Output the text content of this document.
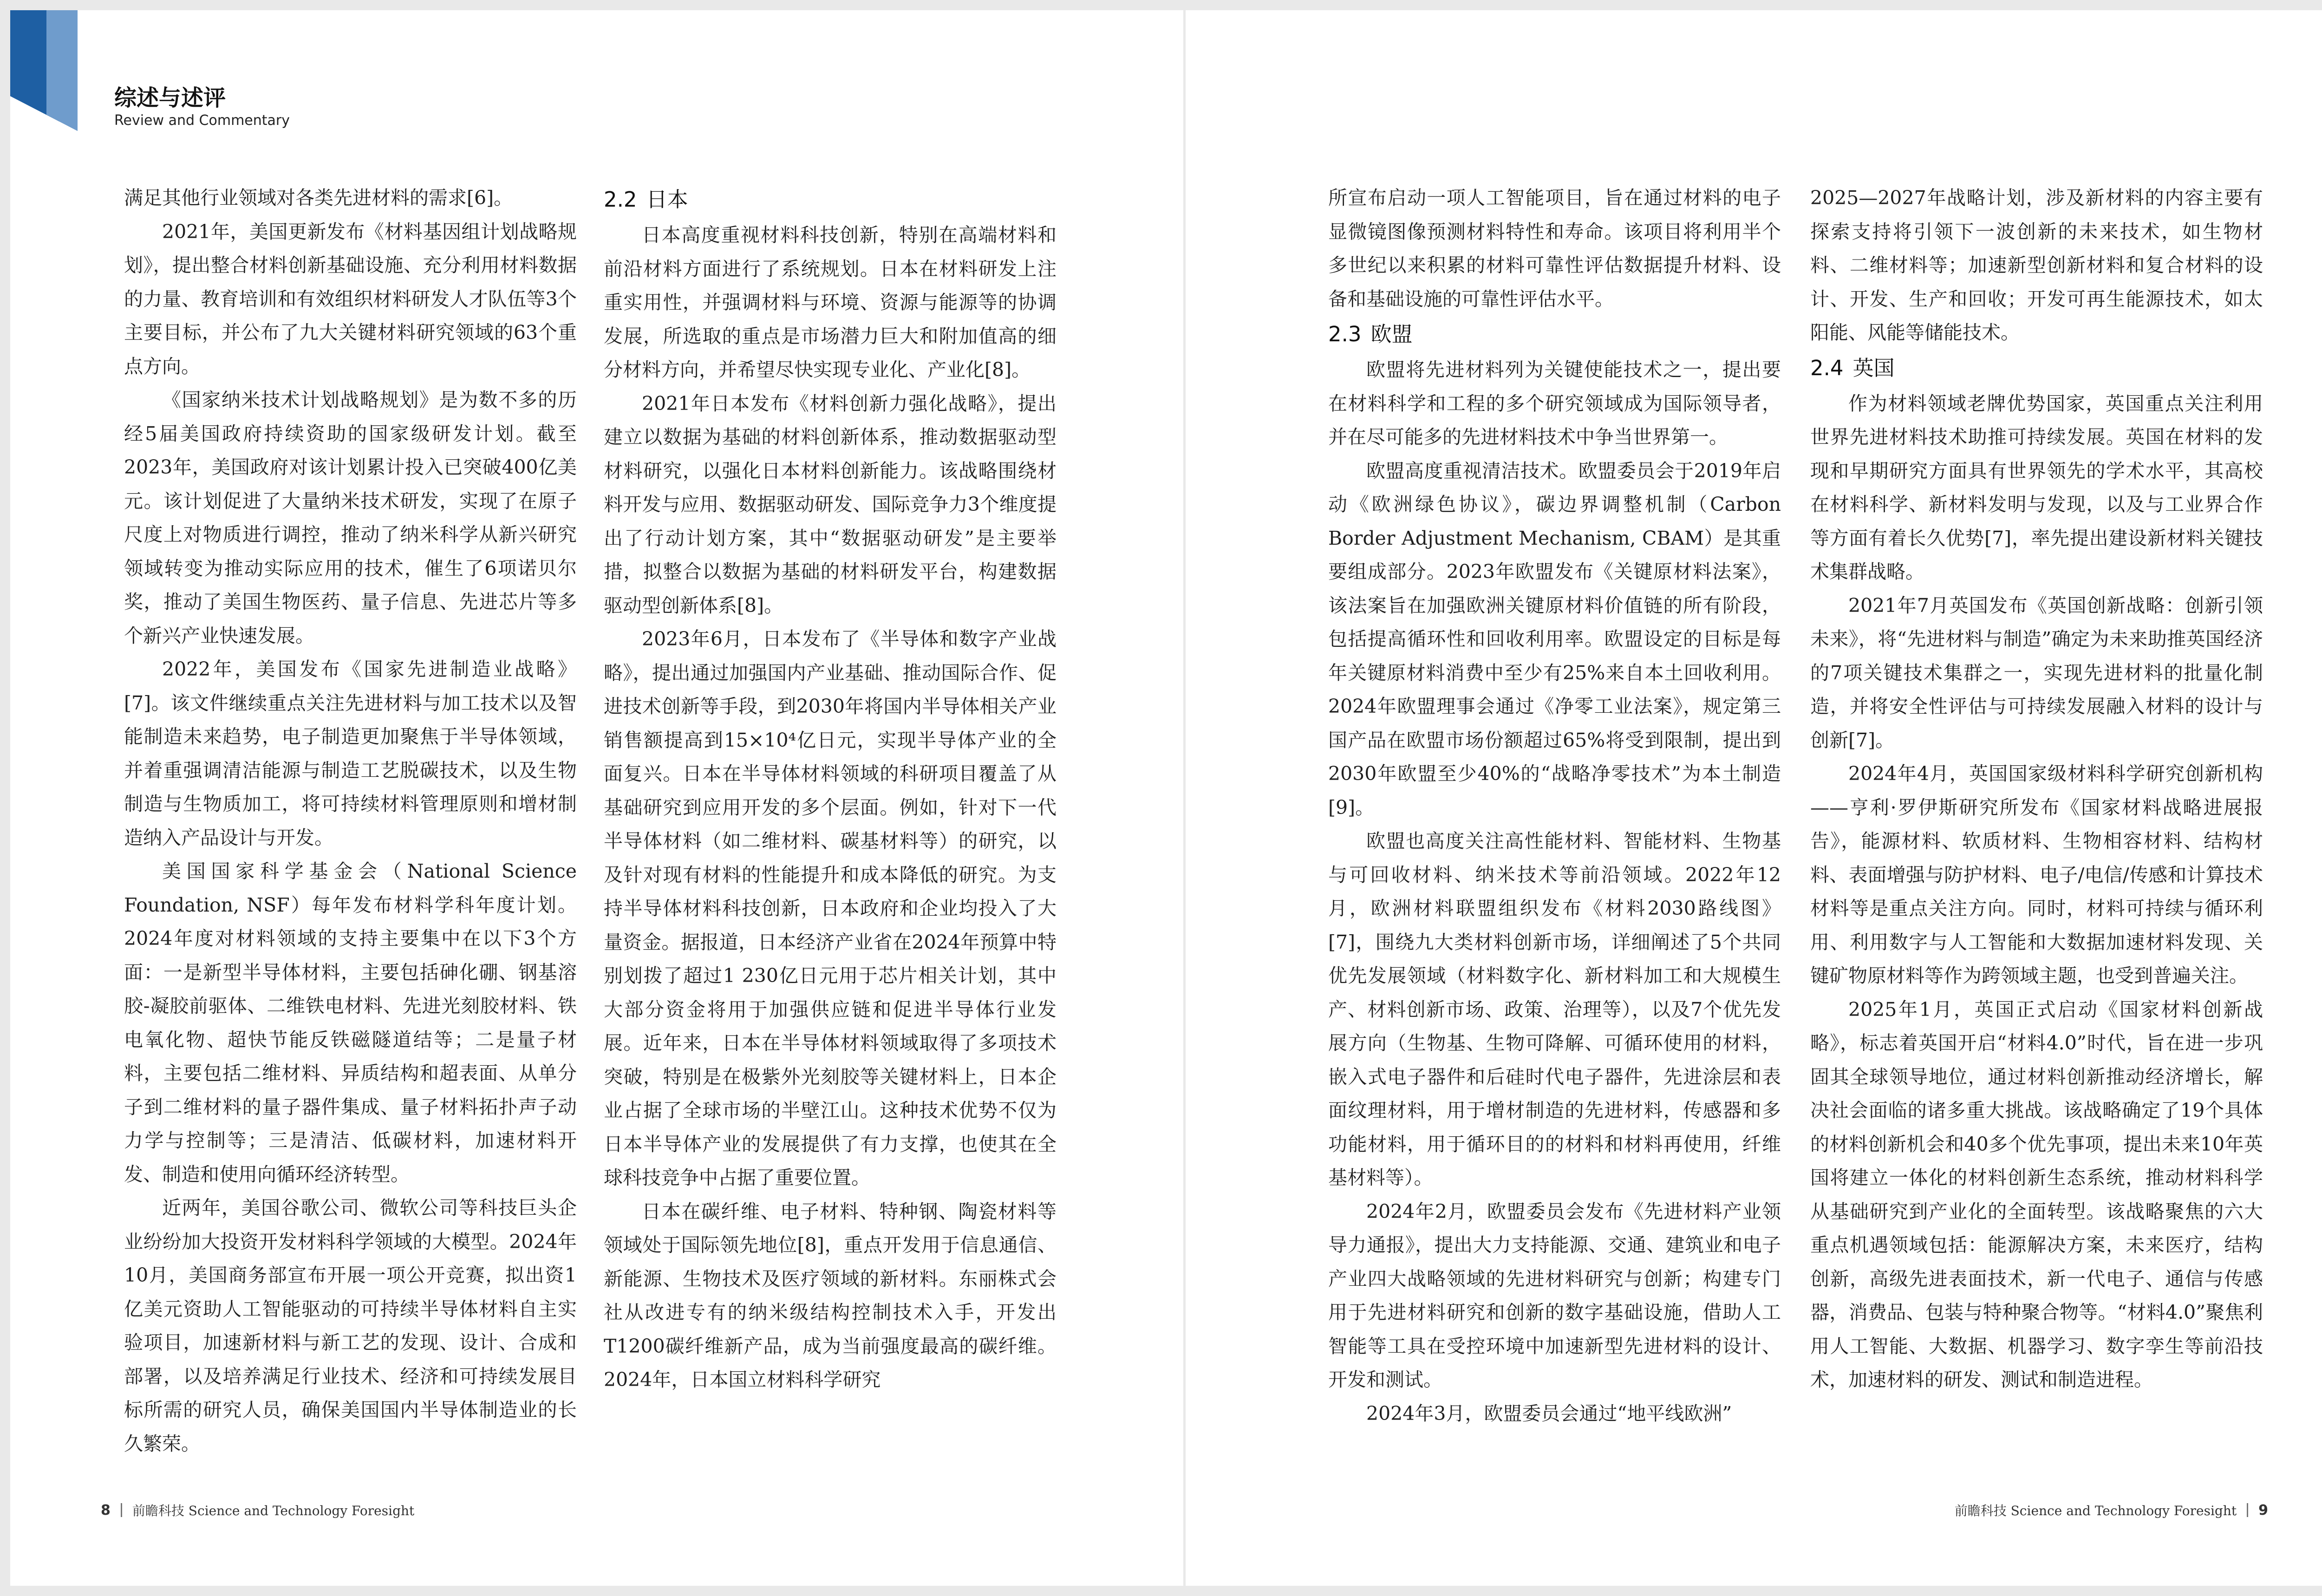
综述与述评
Review and Commentary

满足其他行业领域对各类先进材料的需求[6]。

2021年，美国更新发布《材料基因组计划战略规划》，提出整合材料创新基础设施、充分利用材料数据的力量、教育培训和有效组织材料研发人才队伍等3个主要目标，并公布了九大关键材料研究领域的63个重点方向。

《国家纳米技术计划战略规划》是为数不多的历经5届美国政府持续资助的国家级研发计划。截至2023年，美国政府对该计划累计投入已突破400亿美元。该计划促进了大量纳米技术研发，实现了在原子尺度上对物质进行调控，推动了纳米科学从新兴研究领域转变为推动实际应用的技术，催生了6项诺贝尔奖，推动了美国生物医药、量子信息、先进芯片等多个新兴产业快速发展。

2022年，美国发布《国家先进制造业战略》[7]。该文件继续重点关注先进材料与加工技术以及智能制造未来趋势，电子制造更加聚焦于半导体领域，并着重强调清洁能源与制造工艺脱碳技术，以及生物制造与生物质加工，将可持续材料管理原则和增材制造纳入产品设计与开发。

美国国家科学基金会（National Science Foundation, NSF）每年发布材料学科年度计划。2024年度对材料领域的支持主要集中在以下3个方面：一是新型半导体材料，主要包括砷化硼、钢基溶胶-凝胶前驱体、二维铁电材料、先进光刻胶材料、铁电氧化物、超快节能反铁磁隧道结等；二是量子材料，主要包括二维材料、异质结构和超表面、从单分子到二维材料的量子器件集成、量子材料拓扑声子动力学与控制等；三是清洁、低碳材料，加速材料开发、制造和使用向循环经济转型。

近两年，美国谷歌公司、微软公司等科技巨头企业纷纷加大投资开发材料科学领域的大模型。2024年10月，美国商务部宣布开展一项公开竞赛，拟出资1亿美元资助人工智能驱动的可持续半导体材料自主实验项目，加速新材料与新工艺的发现、设计、合成和部署，以及培养满足行业技术、经济和可持续发展目标所需的研究人员，确保美国国内半导体制造业的长久繁荣。

2.2 日本

日本高度重视材料科技创新，特别在高端材料和前沿材料方面进行了系统规划。日本在材料研发上注重实用性，并强调材料与环境、资源与能源等的协调发展，所选取的重点是市场潜力巨大和附加值高的细分材料方向，并希望尽快实现专业化、产业化[8]。

2021年日本发布《材料创新力强化战略》，提出建立以数据为基础的材料创新体系，推动数据驱动型材料研究，以强化日本材料创新能力。该战略围绕材料开发与应用、数据驱动研发、国际竞争力3个维度提出了行动计划方案，其中“数据驱动研发”是主要举措，拟整合以数据为基础的材料研发平台，构建数据驱动型创新体系[8]。

2023年6月，日本发布了《半导体和数字产业战略》，提出通过加强国内产业基础、推动国际合作、促进技术创新等手段，到2030年将国内半导体相关产业销售额提高到15×10⁴亿日元，实现半导体产业的全面复兴。日本在半导体材料领域的科研项目覆盖了从基础研究到应用开发的多个层面。例如，针对下一代半导体材料（如二维材料、碳基材料等）的研究，以及针对现有材料的性能提升和成本降低的研究。为支持半导体材料科技创新，日本政府和企业均投入了大量资金。据报道，日本经济产业省在2024年预算中特别划拨了超过1 230亿日元用于芯片相关计划，其中大部分资金将用于加强供应链和促进半导体行业发展。近年来，日本在半导体材料领域取得了多项技术突破，特别是在极紫外光刻胶等关键材料上，日本企业占据了全球市场的半壁江山。这种技术优势不仅为日本半导体产业的发展提供了有力支撑，也使其在全球科技竞争中占据了重要位置。

日本在碳纤维、电子材料、特种钢、陶瓷材料等领域处于国际领先地位[8]，重点开发用于信息通信、新能源、生物技术及医疗领域的新材料。东丽株式会社从改进专有的纳米级结构控制技术入手，开发出T1200碳纤维新产品，成为当前强度最高的碳纤维。2024年，日本国立材料科学研究

8 前瞻科技 Science and Technology Foresight

所宣布启动一项人工智能项目，旨在通过材料的电子显微镜图像预测材料特性和寿命。该项目将利用半个多世纪以来积累的材料可靠性评估数据提升材料、设备和基础设施的可靠性评估水平。

2.3 欧盟

欧盟将先进材料列为关键使能技术之一，提出要在材料科学和工程的多个研究领域成为国际领导者，并在尽可能多的先进材料技术中争当世界第一。

欧盟高度重视清洁技术。欧盟委员会于2019年启动《欧洲绿色协议》，碳边界调整机制（Carbon Border Adjustment Mechanism, CBAM）是其重要组成部分。2023年欧盟发布《关键原材料法案》，该法案旨在加强欧洲关键原材料价值链的所有阶段，包括提高循环性和回收利用率。欧盟设定的目标是每年关键原材料消费中至少有25%来自本土回收利用。2024年欧盟理事会通过《净零工业法案》，规定第三国产品在欧盟市场份额超过65%将受到限制，提出到2030年欧盟至少40%的“战略净零技术”为本土制造[9]。

欧盟也高度关注高性能材料、智能材料、生物基与可回收材料、纳米技术等前沿领域。2022年12月，欧洲材料联盟组织发布《材料2030路线图》[7]，围绕九大类材料创新市场，详细阐述了5个共同优先发展领域（材料数字化、新材料加工和大规模生产、材料创新市场、政策、治理等），以及7个优先发展方向（生物基、生物可降解、可循环使用的材料，嵌入式电子器件和后硅时代电子器件，先进涂层和表面纹理材料，用于增材制造的先进材料，传感器和多功能材料，用于循环目的的材料和材料再使用，纤维基材料等）。

2024年2月，欧盟委员会发布《先进材料产业领导力通报》，提出大力支持能源、交通、建筑业和电子产业四大战略领域的先进材料研究与创新；构建专门用于先进材料研究和创新的数字基础设施，借助人工智能等工具在受控环境中加速新型先进材料的设计、开发和测试。

2024年3月，欧盟委员会通过“地平线欧洲”

2025—2027年战略计划，涉及新材料的内容主要有探索支持将引领下一波创新的未来技术，如生物材料、二维材料等；加速新型创新材料和复合材料的设计、开发、生产和回收；开发可再生能源技术，如太阳能、风能等储能技术。

2.4 英国

作为材料领域老牌优势国家，英国重点关注利用世界先进材料技术助推可持续发展。英国在材料的发现和早期研究方面具有世界领先的学术水平，其高校在材料科学、新材料发明与发现，以及与工业界合作等方面有着长久优势[7]，率先提出建设新材料关键技术集群战略。

2021年7月英国发布《英国创新战略：创新引领未来》，将“先进材料与制造”确定为未来助推英国经济的7项关键技术集群之一，实现先进材料的批量化制造，并将安全性评估与可持续发展融入材料的设计与创新[7]。

2024年4月，英国国家级材料科学研究创新机构——亨利·罗伊斯研究所发布《国家材料战略进展报告》，能源材料、软质材料、生物相容材料、结构材料、表面增强与防护材料、电子/电信/传感和计算技术材料等是重点关注方向。同时，材料可持续与循环利用、利用数字与人工智能和大数据加速材料发现、关键矿物原材料等作为跨领域主题，也受到普遍关注。

2025年1月，英国正式启动《国家材料创新战略》，标志着英国开启“材料4.0”时代，旨在进一步巩固其全球领导地位，通过材料创新推动经济增长，解决社会面临的诸多重大挑战。该战略确定了19个具体的材料创新机会和40多个优先事项，提出未来10年英国将建立一体化的材料创新生态系统，推动材料科学从基础研究到产业化的全面转型。该战略聚焦的六大重点机遇领域包括：能源解决方案，未来医疗，结构创新，高级先进表面技术，新一代电子、通信与传感器，消费品、包装与特种聚合物等。“材料4.0”聚焦利用人工智能、大数据、机器学习、数字孪生等前沿技术，加速材料的研发、测试和制造进程。

前瞻科技 Science and Technology Foresight 9
